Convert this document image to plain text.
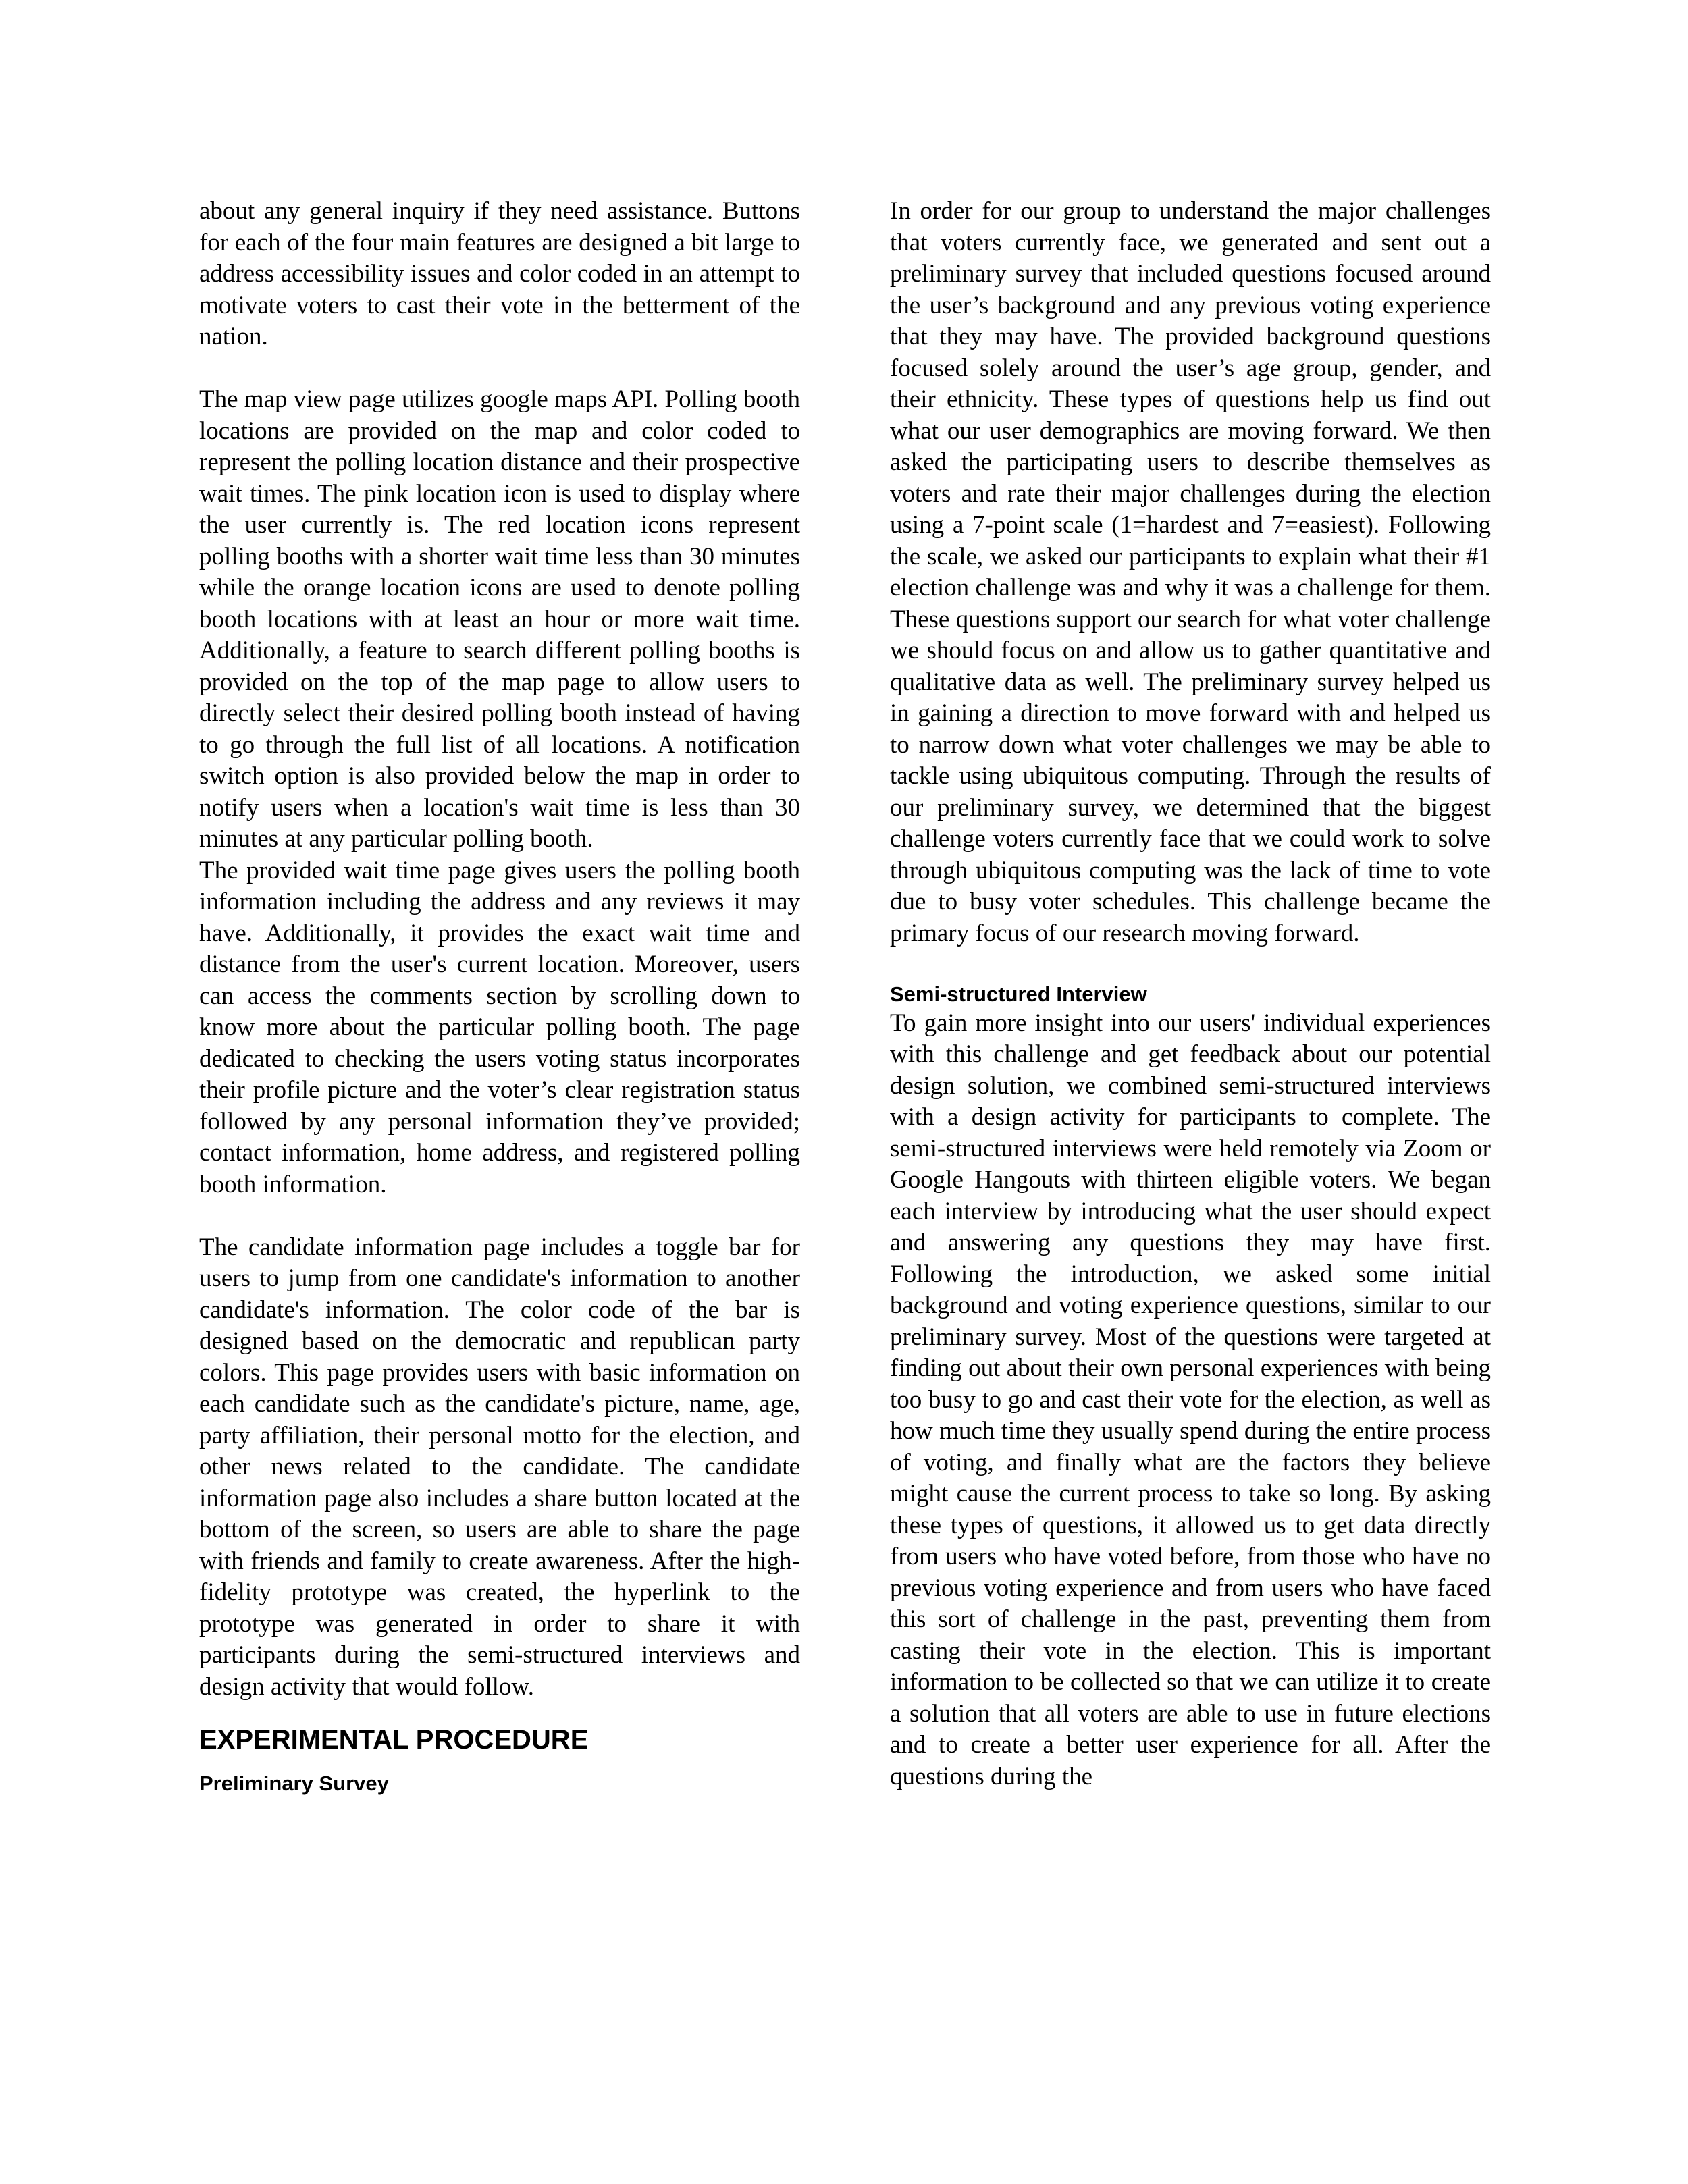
about any general inquiry if they need assistance. Buttons for each of the four main features are designed a bit large to address accessibility issues and color coded in an attempt to motivate voters to cast their vote in the betterment of the nation.

The map view page utilizes google maps API. Polling booth locations are provided on the map and color coded to represent the polling location distance and their prospective wait times. The pink location icon is used to display where the user currently is. The red location icons represent polling booths with a shorter wait time less than 30 minutes while the orange location icons are used to denote polling booth locations with at least an hour or more wait time. Additionally, a feature to search different polling booths is provided on the top of the map page to allow users to directly select their desired polling booth instead of having to go through the full list of all locations. A notification switch option is also provided below the map in order to notify users when a location's wait time is less than 30 minutes at any particular polling booth.

The provided wait time page gives users the polling booth information including the address and any reviews it may have. Additionally, it provides the exact wait time and distance from the user's current location. Moreover, users can access the comments section by scrolling down to know more about the particular polling booth. The page dedicated to checking the users voting status incorporates their profile picture and the voter’s clear registration status followed by any personal information they’ve provided; contact information, home address, and registered polling booth information.

The candidate information page includes a toggle bar for users to jump from one candidate's information to another candidate's information. The color code of the bar is designed based on the democratic and republican party colors. This page provides users with basic information on each candidate such as the candidate's picture, name, age, party affiliation, their personal motto for the election, and other news related to the candidate. The candidate information page also includes a share button located at the bottom of the screen, so users are able to share the page with friends and family to create awareness. After the high-fidelity prototype was created, the hyperlink to the prototype was generated in order to share it with participants during the semi-structured interviews and design activity that would follow.

EXPERIMENTAL PROCEDURE
Preliminary Survey

In order for our group to understand the major challenges that voters currently face, we generated and sent out a preliminary survey that included questions focused around the user’s background and any previous voting experience that they may have. The provided background questions focused solely around the user’s age group, gender, and their ethnicity. These types of questions help us find out what our user demographics are moving forward. We then asked the participating users to describe themselves as voters and rate their major challenges during the election using a 7-point scale (1=hardest and 7=easiest). Following the scale, we asked our participants to explain what their #1 election challenge was and why it was a challenge for them. These questions support our search for what voter challenge we should focus on and allow us to gather quantitative and qualitative data as well. The preliminary survey helped us in gaining a direction to move forward with and helped us to narrow down what voter challenges we may be able to tackle using ubiquitous computing. Through the results of our preliminary survey, we determined that the biggest challenge voters currently face that we could work to solve through ubiquitous computing was the lack of time to vote due to busy voter schedules. This challenge became the primary focus of our research moving forward.

Semi-structured Interview

To gain more insight into our users' individual experiences with this challenge and get feedback about our potential design solution, we combined semi-structured interviews with a design activity for participants to complete. The semi-structured interviews were held remotely via Zoom or Google Hangouts with thirteen eligible voters. We began each interview by introducing what the user should expect and answering any questions they may have first. Following the introduction, we asked some initial background and voting experience questions, similar to our preliminary survey. Most of the questions were targeted at finding out about their own personal experiences with being too busy to go and cast their vote for the election, as well as how much time they usually spend during the entire process of voting, and finally what are the factors they believe might cause the current process to take so long. By asking these types of questions, it allowed us to get data directly from users who have voted before, from those who have no previous voting experience and from users who have faced this sort of challenge in the past, preventing them from casting their vote in the election. This is important information to be collected so that we can utilize it to create a solution that all voters are able to use in future elections and to create a better user experience for all. After the questions during the
